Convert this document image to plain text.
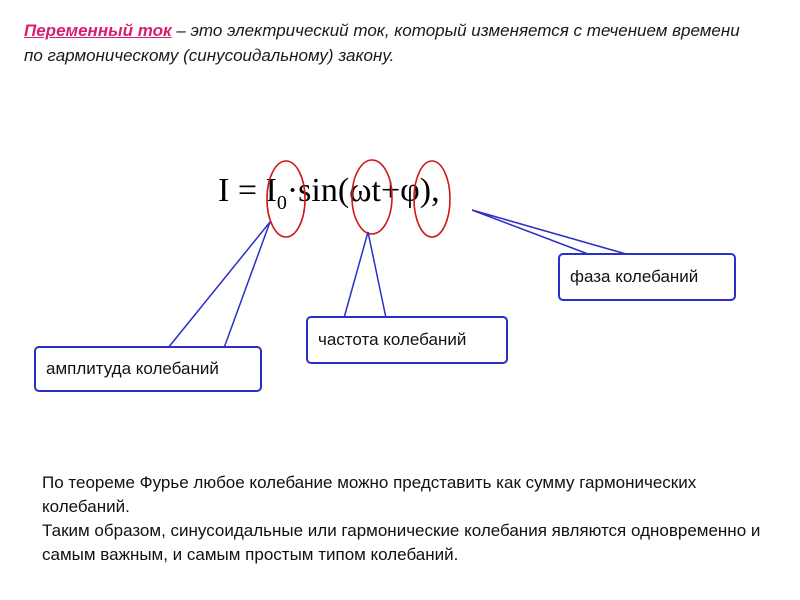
Переменный ток – это электрический ток, который изменяется с течением времени по гармоническому (синусоидальному) закону.
$I = I_0\cdot\sin(\omega t+\varphi)$,
амплитуда колебаний
частота колебаний
фаза колебаний

По теореме Фурье любое колебание можно представить как сумму гармонических колебаний.

Таким образом, синусоидальные или гармонические колебания являются одновременно и самым важным, и самым простым типом колебаний.
